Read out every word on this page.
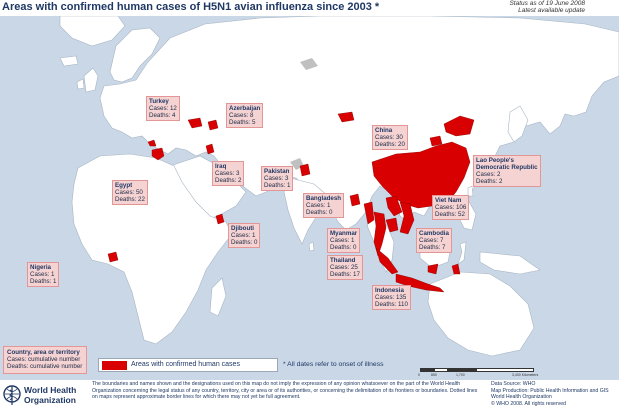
Areas with confirmed human cases of H5N1 avian influenza since 2003 *	Status as of 19 June 2008
Latest available update
Turkey
Cases: 12
Deaths: 4
Azerbaijan
Cases: 8
Deaths: 5
China
Cases: 30
Deaths: 20
Egypt
Cases: 50
Deaths: 22
Iraq
Cases: 3
Deaths: 2
Pakistan
Cases: 3
Deaths: 1
Lao People's
Democratic Republic
Cases: 2
Deaths: 2
Bangladesh
Cases: 1
Deaths: 0
Viet Nam
Cases: 106
Deaths: 52
Djibouti
Cases: 1
Deaths: 0
Myanmar
Cases: 1
Deaths: 0
Cambodia
Cases: 7
Deaths: 7
Thailand
Cases: 25
Deaths: 17
Nigeria
Cases: 1
Deaths: 1
Indonesia
Cases: 135
Deaths: 110
Country, area or territory
Cases: cumulative number
Deaths: cumulative number	Areas with confirmed human cases	* All dates refer to onset of illness
0	850	1,700	3,400 Kilometers
World Health
Organization
The boundaries and names shown and the designations used on this map do not imply the expression of any opinion whatsoever on the part of the World Health Organization concerning the legal status of any country, territory, city or area or of its authorities, or concerning the delimitation of its frontiers or boundaries. Dotted lines on maps represent approximate border lines for which there may not yet be full agreement.
Data Source: WHO
Map Production: Public Health Information and GIS
World Health Organization
© WHO 2008. All rights reserved
